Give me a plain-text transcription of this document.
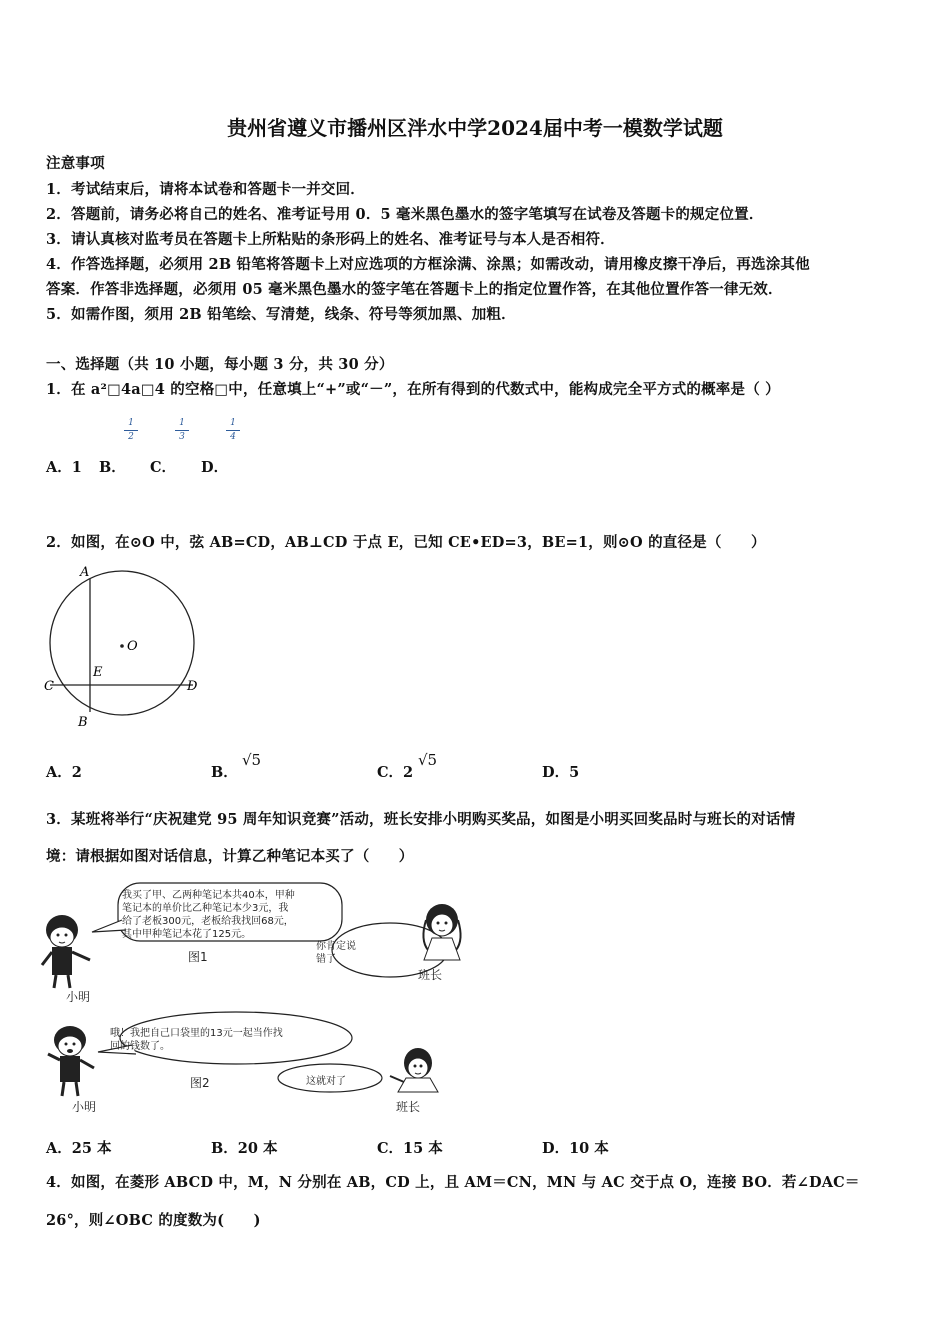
贵州省遵义市播州区泮水中学2024届中考一模数学试题
注意事项
1．考试结束后，请将本试卷和答题卡一并交回．
2．答题前，请务必将自己的姓名、准考证号用 0．5 毫米黑色墨水的签字笔填写在试卷及答题卡的规定位置．
3．请认真核对监考员在答题卡上所粘贴的条形码上的姓名、准考证号与本人是否相符．
4．作答选择题，必须用 2B 铅笔将答题卡上对应选项的方框涂满、涂黑；如需改动，请用橡皮擦干净后，再选涂其他
答案．作答非选择题，必须用 05 毫米黑色墨水的签字笔在答题卡上的指定位置作答，在其他位置作答一律无效．
5．如需作图，须用 2B 铅笔绘、写清楚，线条、符号等须加黑、加粗．
一、选择题（共 10 小题，每小题 3 分，共 30 分）
1．在 a²□4a□4 的空格□中，任意填上“+”或“－”，在所有得到的代数式中，能构成完全平方式的概率是（ ）
1
2
1
3
1
4
A．1 B． C． D．
2．如图，在⊙O 中，弦 AB=CD，AB⊥CD 于点 E，已知 CE•ED=3，BE=1，则⊙O 的直径是（　　）
A
O
E
C	D
B
A．2	B．
√5
C．2
√5
D．5
3．某班将举行“庆祝建党 95 周年知识竞赛”活动，班长安排小明购买奖品，如图是小明买回奖品时与班长的对话情
境：请根据如图对话信息，计算乙种笔记本买了（　　）
我买了甲、乙两种笔记本共40本，甲种
笔记本的单价比乙种笔记本少3元，我
给了老板300元，老板给我找回68元，
其中甲种笔记本花了125元。
你肯定说
错了
图1
小明
班长
哦！我把自己口袋里的13元一起当作找
回的钱数了。
这就对了
图2
小明	班长
A．25 本	B．20 本	C．15 本	D．10 本
4．如图，在菱形 ABCD 中，M，N 分别在 AB，CD 上，且 AM＝CN，MN 与 AC 交于点 O，连接 BO．若∠DAC＝
26°，则∠OBC 的度数为(　　)
